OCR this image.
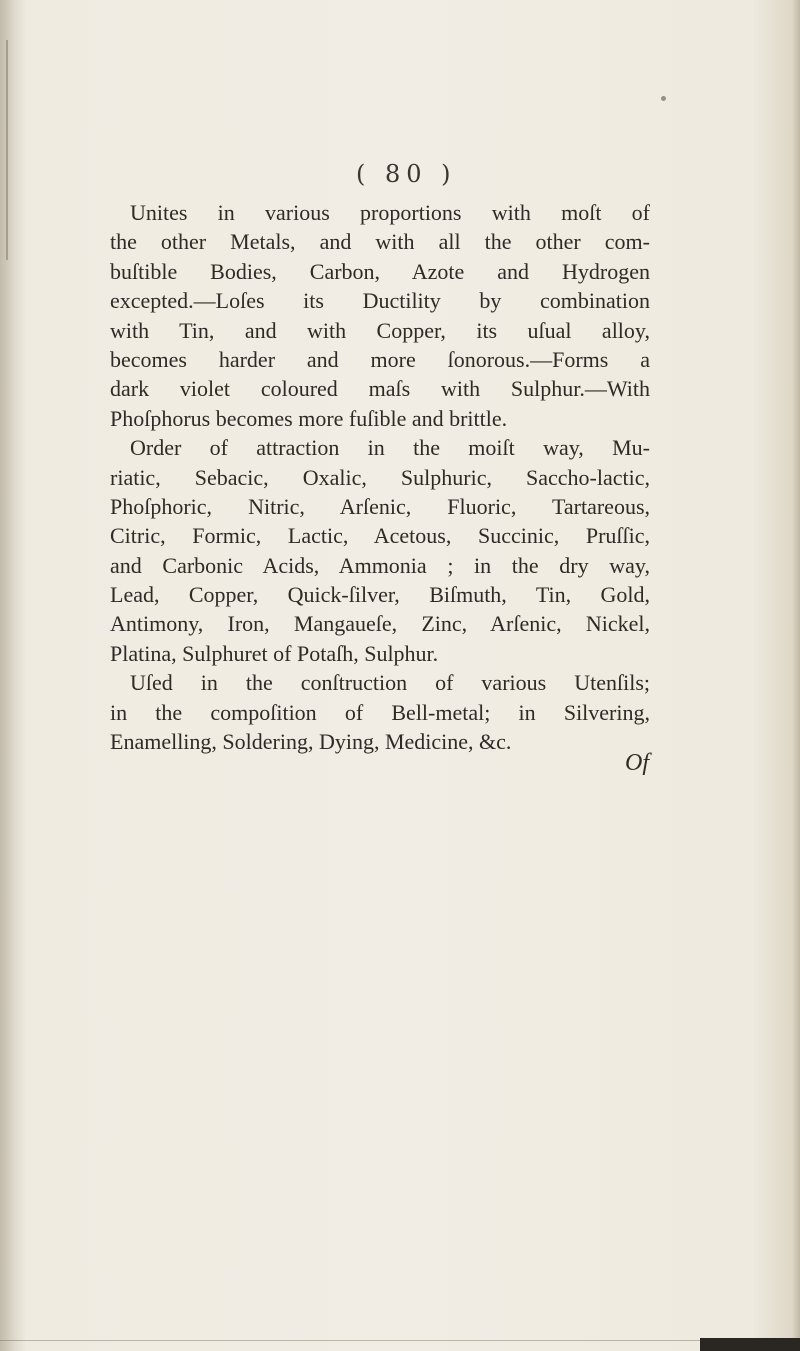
( 80 )
Unites in various proportions with moſt of
the other Metals, and with all the other com-
buſtible Bodies, Carbon, Azote and Hydrogen
excepted.—Loſes its Ductility by combination
with Tin, and with Copper, its uſual alloy,
becomes harder and more ſonorous.—Forms a
dark violet coloured maſs with Sulphur.—With
Phoſphorus becomes more fuſible and brittle.
Order of attraction in the moiſt way, Mu-
riatic, Sebacic, Oxalic, Sulphuric, Saccho-lactic,
Phoſphoric, Nitric, Arſenic, Fluoric, Tartareous,
Citric, Formic, Lactic, Acetous, Succinic, Pruſſic,
and Carbonic Acids, Ammonia ; in the dry way,
Lead, Copper, Quick-ſilver, Biſmuth, Tin, Gold,
Antimony, Iron, Mangaueſe, Zinc, Arſenic, Nickel,
Platina, Sulphuret of Potaſh, Sulphur.
Uſed in the conſtruction of various Utenſils;
in the compoſition of Bell-metal; in Silvering,
Enamelling, Soldering, Dying, Medicine, &c.
Of
